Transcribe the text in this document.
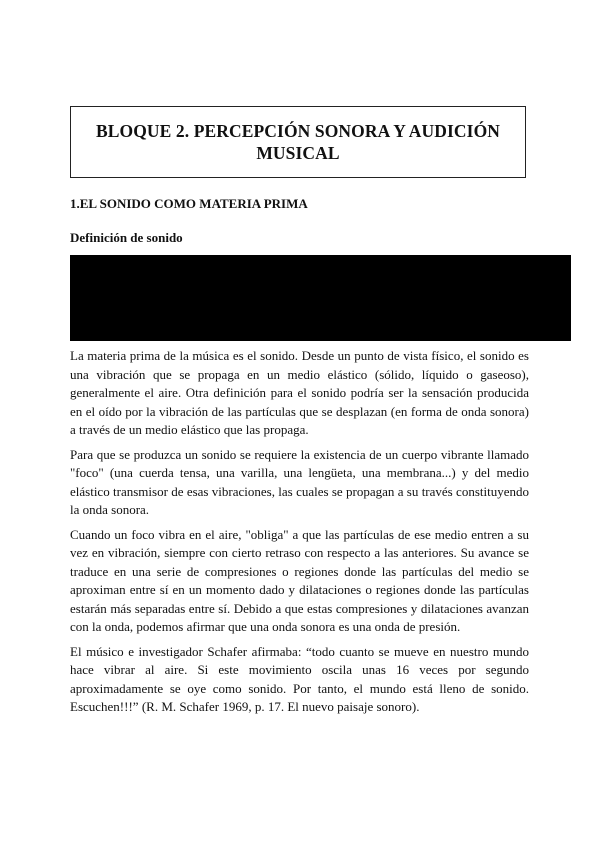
BLOQUE 2. PERCEPCIÓN SONORA Y AUDICIÓN
MUSICAL
1.EL SONIDO COMO MATERIA PRIMA
Definición de sonido

La materia prima de la música es el sonido. Desde un punto de vista físico, el sonido es una vibración que se propaga en un medio elástico (sólido, líquido o gaseoso), generalmente el aire. Otra definición para el sonido podría ser la sensación producida en el oído por la vibración de las partículas que se desplazan (en forma de onda sonora) a través de un medio elástico que las propaga.

Para que se produzca un sonido se requiere la existencia de un cuerpo vibrante llamado "foco" (una cuerda tensa, una varilla, una lengüeta, una membrana...) y del medio elástico transmisor de esas vibraciones, las cuales se propagan a su través constituyendo la onda sonora.

Cuando un foco vibra en el aire, "obliga" a que las partículas de ese medio entren a su vez en vibración, siempre con cierto retraso con respecto a las anteriores. Su avance se traduce en una serie de compresiones o regiones donde las partículas del medio se aproximan entre sí en un momento dado y dilataciones o regiones donde las partículas estarán más separadas entre sí. Debido a que estas compresiones y dilataciones avanzan con la onda, podemos afirmar que una onda sonora es una onda de presión.

El músico e investigador Schafer afirmaba: “todo cuanto se mueve en nuestro mundo hace vibrar al aire. Si este movimiento oscila unas 16 veces por segundo aproximadamente se oye como sonido. Por tanto, el mundo está lleno de sonido. Escuchen!!!” (R. M. Schafer 1969, p. 17. El nuevo paisaje sonoro).
